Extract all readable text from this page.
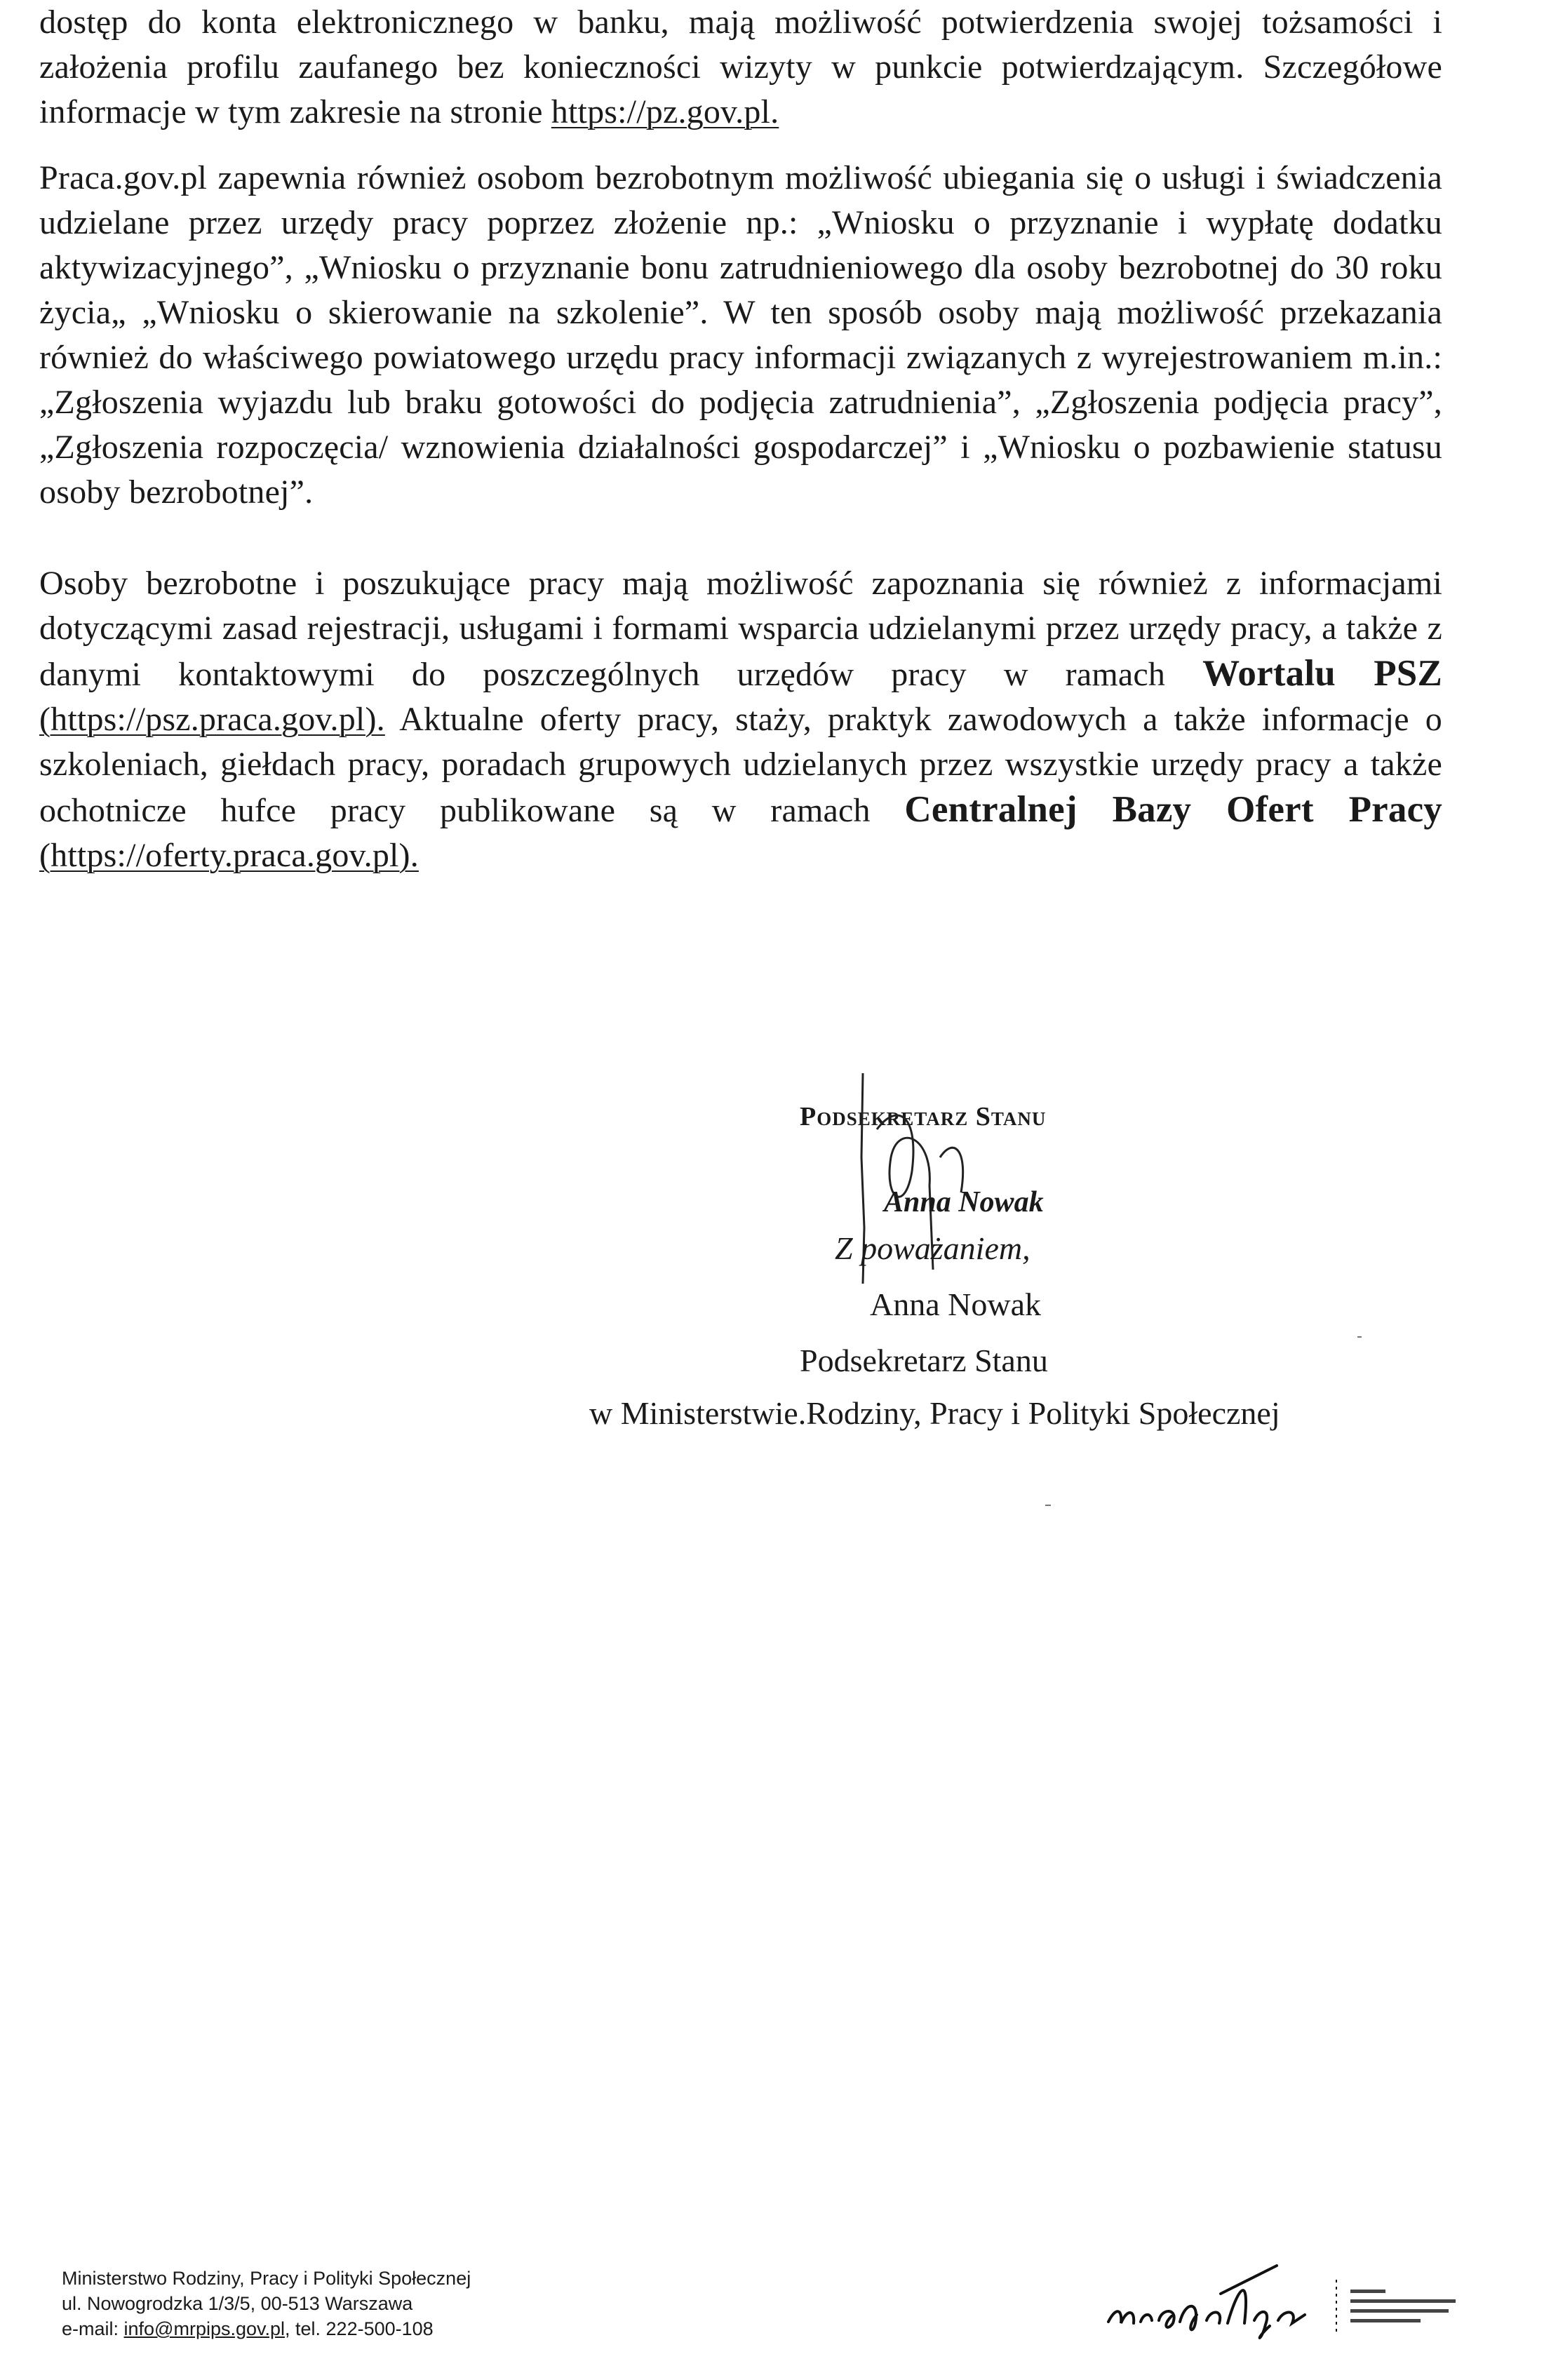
dostęp do konta elektronicznego w banku, mają możliwość potwierdzenia swojej tożsamości i założenia profilu zaufanego bez konieczności wizyty w punkcie potwierdzającym. Szczegółowe informacje w tym zakresie na stronie https://pz.gov.pl.

Praca.gov.pl zapewnia również osobom bezrobotnym możliwość ubiegania się o usługi i świadczenia udzielane przez urzędy pracy poprzez złożenie np.: „Wniosku o przyznanie i wypłatę dodatku aktywizacyjnego”, „Wniosku o przyznanie bonu zatrudnieniowego dla osoby bezrobotnej do 30 roku życia„ „Wniosku o skierowanie na szkolenie”. W ten sposób osoby mają możliwość przekazania również do właściwego powiatowego urzędu pracy informacji związanych z wyrejestrowaniem m.in.: „Zgłoszenia wyjazdu lub braku gotowości do podjęcia zatrudnienia”, „Zgłoszenia podjęcia pracy”, „Zgłoszenia rozpoczęcia/ wznowienia działalności gospodarczej” i „Wniosku o pozbawienie statusu osoby bezrobotnej”.

Osoby bezrobotne i poszukujące pracy mają możliwość zapoznania się również z informacjami dotyczącymi zasad rejestracji, usługami i formami wsparcia udzielanymi przez urzędy pracy, a także z danymi kontaktowymi do poszczególnych urzędów pracy w ramach Wortalu PSZ (https://psz.praca.gov.pl). Aktualne oferty pracy, staży, praktyk zawodowych a także informacje o szkoleniach, giełdach pracy, poradach grupowych udzielanych przez wszystkie urzędy pracy a także ochotnicze hufce pracy publikowane są w ramach Centralnej Bazy Ofert Pracy (https://oferty.praca.gov.pl).

Podsekretarz Stanu
Anna Nowak
Z poważaniem,
Anna Nowak
Podsekretarz Stanu
w Ministerstwie.Rodziny, Pracy i Polityki Społecznej
Ministerstwo Rodziny, Pracy i Polityki Społecznej
ul. Nowogrodzka 1/3/5, 00-513 Warszawa
e-mail: info@mrpips.gov.pl, tel. 222-500-108
